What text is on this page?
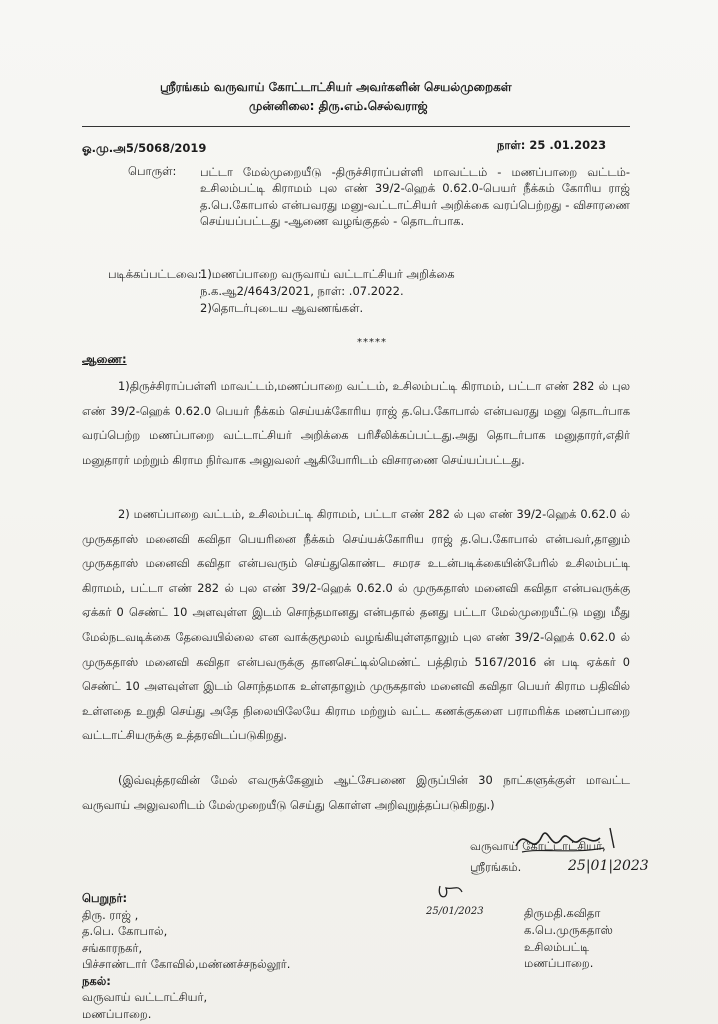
ஸ்ரீரங்கம் வருவாய் கோட்டாட்சியர் அவர்களின் செயல்முறைகள்
முன்னிலை: திரு.எம்.செல்வராஜ்
ஓ.மு.அ5/5068/2019	நாள்: 25 .01.2023
பொருள்: பட்டா மேல்முறையீடு -திருச்சிராப்பள்ளி மாவட்டம் - மணப்பாறை வட்டம்- உசிலம்பட்டி கிராமம் புல எண் 39/2-ஹெக் 0.62.0-பெயர் நீக்கம் கோரிய ராஜ் த.பெ.கோபால் என்பவரது மனு-வட்டாட்சியர் அறிக்கை வரப்பெற்றது - விசாரணை செய்யப்பட்டது -ஆணை வழங்குதல் - தொடர்பாக.
படிக்கப்பட்டவை:
1)மணப்பாறை வருவாய் வட்டாட்சியர் அறிக்கை
ந.க.ஆ2/4643/2021, நாள்: .07.2022.
2)தொடர்புடைய ஆவணங்கள்.
*****
ஆணை:
1)திருச்சிராப்பள்ளி மாவட்டம்,மணப்பாறை வட்டம், உசிலம்பட்டி கிராமம், பட்டா எண் 282 ல் புல எண் 39/2-ஹெக் 0.62.0 பெயர் நீக்கம் செய்யக்கோரிய ராஜ் த.பெ.கோபால் என்பவரது மனு தொடர்பாக வரப்பெற்ற மணப்பாறை வட்டாட்சியர் அறிக்கை பரிசீலிக்கப்பட்டது.அது தொடர்பாக மனுதாரர்,எதிர் மனுதாரர் மற்றும் கிராம நிர்வாக அலுவலர் ஆகியோரிடம் விசாரணை செய்யப்பட்டது.
2) மணப்பாறை வட்டம், உசிலம்பட்டி கிராமம், பட்டா எண் 282 ல் புல எண் 39/2-ஹெக் 0.62.0 ல் முருகதாஸ் மனைவி கவிதா பெயரினை நீக்கம் செய்யக்கோரிய ராஜ் த.பெ.கோபால் என்பவர்,தானும் முருகதாஸ் மனைவி கவிதா என்பவரும் செய்துகொண்ட சமரச உடன்படிக்கையின்பேரில் உசிலம்பட்டி கிராமம், பட்டா எண் 282 ல் புல எண் 39/2-ஹெக் 0.62.0 ல் முருகதாஸ் மனைவி கவிதா என்பவருக்கு ஏக்கர் 0 செண்ட் 10 அளவுள்ள இடம் சொந்தமானது என்பதால் தனது பட்டா மேல்முறையீட்டு மனு மீது மேல்நடவடிக்கை தேவையில்லை என வாக்குமூலம் வழங்கியுள்ளதாலும் புல எண் 39/2-ஹெக் 0.62.0 ல் முருகதாஸ் மனைவி கவிதா என்பவருக்கு தானசெட்டில்மெண்ட் பத்திரம் 5167/2016 ன் படி ஏக்கர் 0 செண்ட் 10 அளவுள்ள இடம் சொந்தமாக உள்ளதாலும் முருகதாஸ் மனைவி கவிதா பெயர் கிராம பதிவில் உள்ளதை உறுதி செய்து அதே நிலையிலேயே கிராம மற்றும் வட்ட கணக்குகளை பராமரிக்க மணப்பாறை வட்டாட்சியருக்கு உத்தரவிடப்படுகிறது.
(இவ்வுத்தரவின் மேல் எவருக்கேனும் ஆட்சேபணை இருப்பின் 30 நாட்களுக்குள் மாவட்ட வருவாய் அலுவலரிடம் மேல்முறையீடு செய்து கொள்ள அறிவுறுத்தப்படுகிறது.)
வருவாய் கோட்டாட்சியர்,
ஸ்ரீரங்கம்.	25|01|2023
பெறுநர்:
திரு. ராஜ் ,
த.பெ. கோபால்,
சங்காரநகர்,
பிச்சாண்டார் கோவில்,மண்ணச்சநல்லூர்.
நகல்:
வருவாய் வட்டாட்சியர்,
மணப்பாறை.
25/01/2023	திருமதி.கவிதா
க.பெ.முருகதாஸ்
உசிலம்பட்டி
மணப்பாறை.
